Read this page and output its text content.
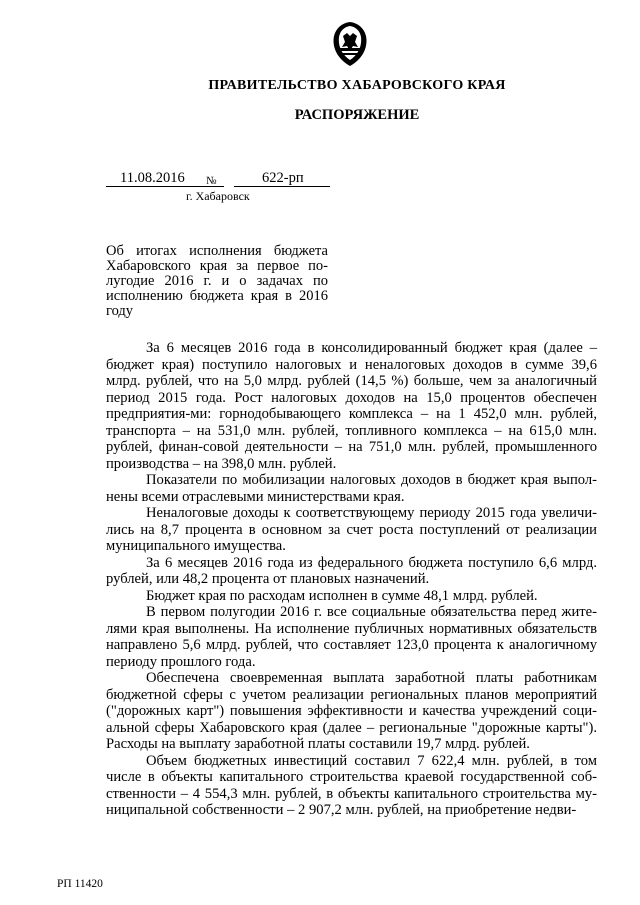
ПРАВИТЕЛЬСТВО ХАБАРОВСКОГО КРАЯ
РАСПОРЯЖЕНИЕ
11.08.2016 №	622-рп
г. Хабаровск
Об итогах исполнения бюджета Хабаровского края за первое по-лугодие 2016 г. и о задачах по исполнению бюджета края в 2016 году

За 6 месяцев 2016 года в консолидированный бюджет края (далее – бюджет края) поступило налоговых и неналоговых доходов в сумме 39,6 млрд. рублей, что на 5,0 млрд. рублей (14,5 %) больше, чем за аналогичный период 2015 года. Рост налоговых доходов на 15,0 процентов обеспечен предприятия-ми: горнодобывающего комплекса – на 1 452,0 млн. рублей, транспорта – на 531,0 млн. рублей, топливного комплекса – на 615,0 млн. рублей, финан-совой деятельности – на 751,0 млн. рублей, промышленного производства – на 398,0 млн. рублей.

Показатели по мобилизации налоговых доходов в бюджет края выпол-нены всеми отраслевыми министерствами края.

Неналоговые доходы к соответствующему периоду 2015 года увеличи-лись на 8,7 процента в основном за счет роста поступлений от реализации муниципального имущества.

За 6 месяцев 2016 года из федерального бюджета поступило 6,6 млрд. рублей, или 48,2 процента от плановых назначений.

Бюджет края по расходам исполнен в сумме 48,1 млрд. рублей.

В первом полугодии 2016 г. все социальные обязательства перед жите-лями края выполнены. На исполнение публичных нормативных обязательств направлено 5,6 млрд. рублей, что составляет 123,0 процента к аналогичному периоду прошлого года.

Обеспечена своевременная выплата заработной платы работникам бюджетной сферы с учетом реализации региональных планов мероприятий ("дорожных карт") повышения эффективности и качества учреждений соци-альной сферы Хабаровского края (далее – региональные "дорожные карты"). Расходы на выплату заработной платы составили 19,7 млрд. рублей.

Объем бюджетных инвестиций составил 7 622,4 млн. рублей, в том числе в объекты капитального строительства краевой государственной соб-ственности – 4 554,3 млн. рублей, в объекты капитального строительства му-ниципальной собственности – 2 907,2 млн. рублей, на приобретение недви-

РП 11420
